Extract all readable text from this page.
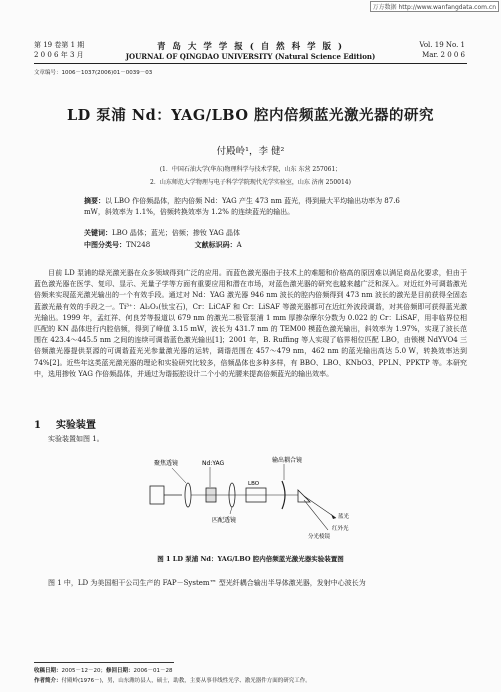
万方数据 http://www.wanfangdata.com.cn
第 19 卷第 1 期
2 0 0 6 年 3 月
青 岛 大 学 学 报 ( 自 然 科 学 版 )
JOURNAL OF QINGDAO UNIVERSITY (Natural Science Edition)
Vol. 19 No. 1
Mar. 2 0 0 6
文章编号：1006－1037(2006)01－0039－03
LD 泵浦 Nd：YAG/LBO 腔内倍频蓝光激光器的研究
付殿岭¹，李 健²
(1．中国石油大学(华东)物理科学与技术学院，山东 东营 257061；
2．山东师范大学物理与电子科学学院现代光学实验室，山东 济南 250014)
摘要：以 LBO 作倍频晶体，腔内倍频 Nd：YAG 产生 473 nm 蓝光，得到最大平均输出功率为 87.6 mW，斜效率为 1.1%，倍频转换效率为 1.2% 的连续蓝光的输出。
关键词：LBO 晶体；蓝光；倍频；掺钕 YAG 晶体
中图分类号：TN248	文献标识码：A
目前 LD 泵浦的绿光激光器在众多领域得到广泛的应用。而蓝色激光器由于技术上的难题和价格高的原因难以满足商品化要求，但由于蓝色激光器在医学、复印、显示、光量子学等方面有重要应用和潜在市场，对蓝色激光器的研究也越来越广泛和深入。对近红外可调谐激光倍频来实现蓝光激光输出的一个有效手段。通过对 Nd：YAG 激光器 946 nm 波长的腔内倍频得到 473 nm 波长的激光是目前获得全固态蓝激光最有效的手段之一。Ti³⁺：Al₂O₃(钛宝石)，Cr：LiCAF 和 Cr：LiSAF 等激光器都可在近红外波段调谐，对其倍频即可获得蓝光激光输出。1999 年，孟红祥、何良芳等报道以 679 nm 的激光二极管泵浦 1 mm 厚掺杂摩尔分数为 0.022 的 Cr：LiSAF，用非临界位相匹配的 KN 晶体进行内腔倍频，得到了峰值 3.15 mW，波长为 431.7 nm 的 TEM00 模蓝色激光输出，斜效率为 1.97%，实现了波长范围在 423.4～445.5 nm 之间的连续可调谐蓝色激光输出[1]；2001 年，B. Ruffing 等人实现了临界相位匹配 LBO，由锁模 NdYVO4 三倍频激光器提供泵源的可调谐蓝光光参量激光器的运转，调谐范围在 457～479 nm，462 nm 的蓝光输出高达 5.0 W，转换效率达到 74%[2]。近些年这类蓝光激光器的理论和实验研究比较多，倍频晶体也多种多样，有 BBO、LBO、KNbO3、PPLN、PPKTP 等。本研究中，选用掺钕 YAG 作倍频晶体，并通过为谐振腔设计二个小的光腰来提高倍频蓝光的输出效率。
1 实验装置
实验装置如图 1。
聚焦透镜	Nd:YAG	输出耦合镜
LBO
匹配透镜
分光棱镜
蓝光
红外光
图 1 LD 泵浦 Nd：YAG/LBO 腔内倍频蓝光激光器实验装置图
图 1 中，LD 为美国相干公司生产的 FAP－System™ 型光纤耦合输出半导体激光器，发射中心波长为
收稿日期：2005－12－20；修回日期：2006－01－28
作者简介：付殿岭(1976－)，男，山东潍坊县人，硕士，助教，主要从事非线性光学、激光器件方面的研究工作。
